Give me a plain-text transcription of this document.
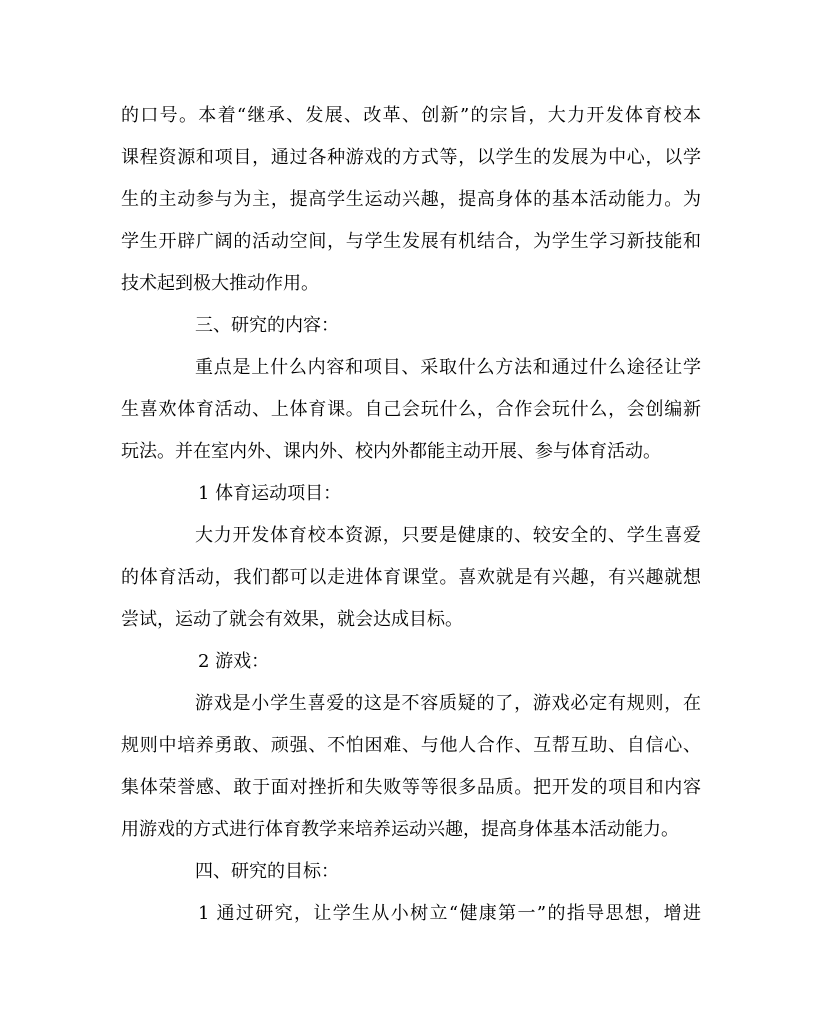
的口号。本着“继承、发展、改革、创新”的宗旨，大力开发体育校本
课程资源和项目，通过各种游戏的方式等，以学生的发展为中心，以学
生的主动参与为主，提高学生运动兴趣，提高身体的基本活动能力。为
学生开辟广阔的活动空间，与学生发展有机结合，为学生学习新技能和
技术起到极大推动作用。
三、研究的内容：
重点是上什么内容和项目、采取什么方法和通过什么途径让学
生喜欢体育活动、上体育课。自己会玩什么，合作会玩什么，会创编新
玩法。并在室内外、课内外、校内外都能主动开展、参与体育活动。
1 体育运动项目：
大力开发体育校本资源，只要是健康的、较安全的、学生喜爱
的体育活动，我们都可以走进体育课堂。喜欢就是有兴趣，有兴趣就想
尝试，运动了就会有效果，就会达成目标。
2 游戏：
游戏是小学生喜爱的这是不容质疑的了，游戏必定有规则，在
规则中培养勇敢、顽强、不怕困难、与他人合作、互帮互助、自信心、
集体荣誉感、敢于面对挫折和失败等等很多品质。把开发的项目和内容
用游戏的方式进行体育教学来培养运动兴趣，提高身体基本活动能力。
四、研究的目标：
1 通过研究，让学生从小树立“健康第一”的指导思想，增进
